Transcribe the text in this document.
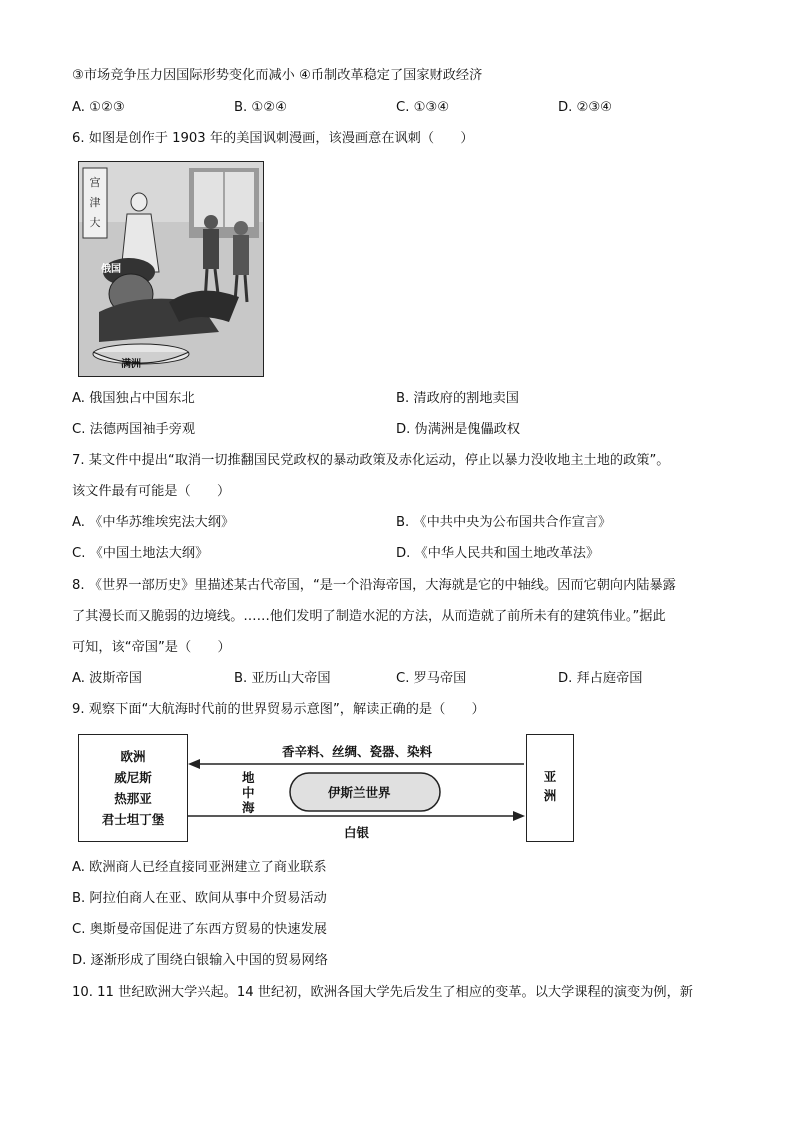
③市场竞争压力因国际形势变化而减小 ④币制改革稳定了国家财政经济
A. ①②③	B. ①②④	C. ①③④	D. ②③④
6. 如图是创作于 1903 年的美国讽刺漫画，该漫画意在讽刺（　　）
宫
津
大
俄国
满洲
A. 俄国独占中国东北	B. 清政府的割地卖国
C. 法德两国袖手旁观	D. 伪满洲是傀儡政权
7. 某文件中提出“取消一切推翻国民党政权的暴动政策及赤化运动，停止以暴力没收地主土地的政策”。
该文件最有可能是（　　）
A. 《中华苏维埃宪法大纲》	B. 《中共中央为公布国共合作宣言》
C. 《中国土地法大纲》	D. 《中华人民共和国土地改革法》
8. 《世界一部历史》里描述某古代帝国，“是一个沿海帝国，大海就是它的中轴线。因而它朝向内陆暴露
了其漫长而又脆弱的边境线。……他们发明了制造水泥的方法，从而造就了前所未有的建筑伟业。”据此
可知，该“帝国”是（　　）
A. 波斯帝国	B. 亚历山大帝国	C. 罗马帝国	D. 拜占庭帝国
9. 观察下面“大航海时代前的世界贸易示意图”，解读正确的是（　　）
欧洲
威尼斯
热那亚
君士坦丁堡
亚洲
香辛料、丝绸、瓷器、染料
地中海
伊斯兰世界
白银
A. 欧洲商人已经直接同亚洲建立了商业联系
B. 阿拉伯商人在亚、欧间从事中介贸易活动
C. 奥斯曼帝国促进了东西方贸易的快速发展
D. 逐渐形成了围绕白银输入中国的贸易网络
10. 11 世纪欧洲大学兴起。14 世纪初，欧洲各国大学先后发生了相应的变革。以大学课程的演变为例，新
